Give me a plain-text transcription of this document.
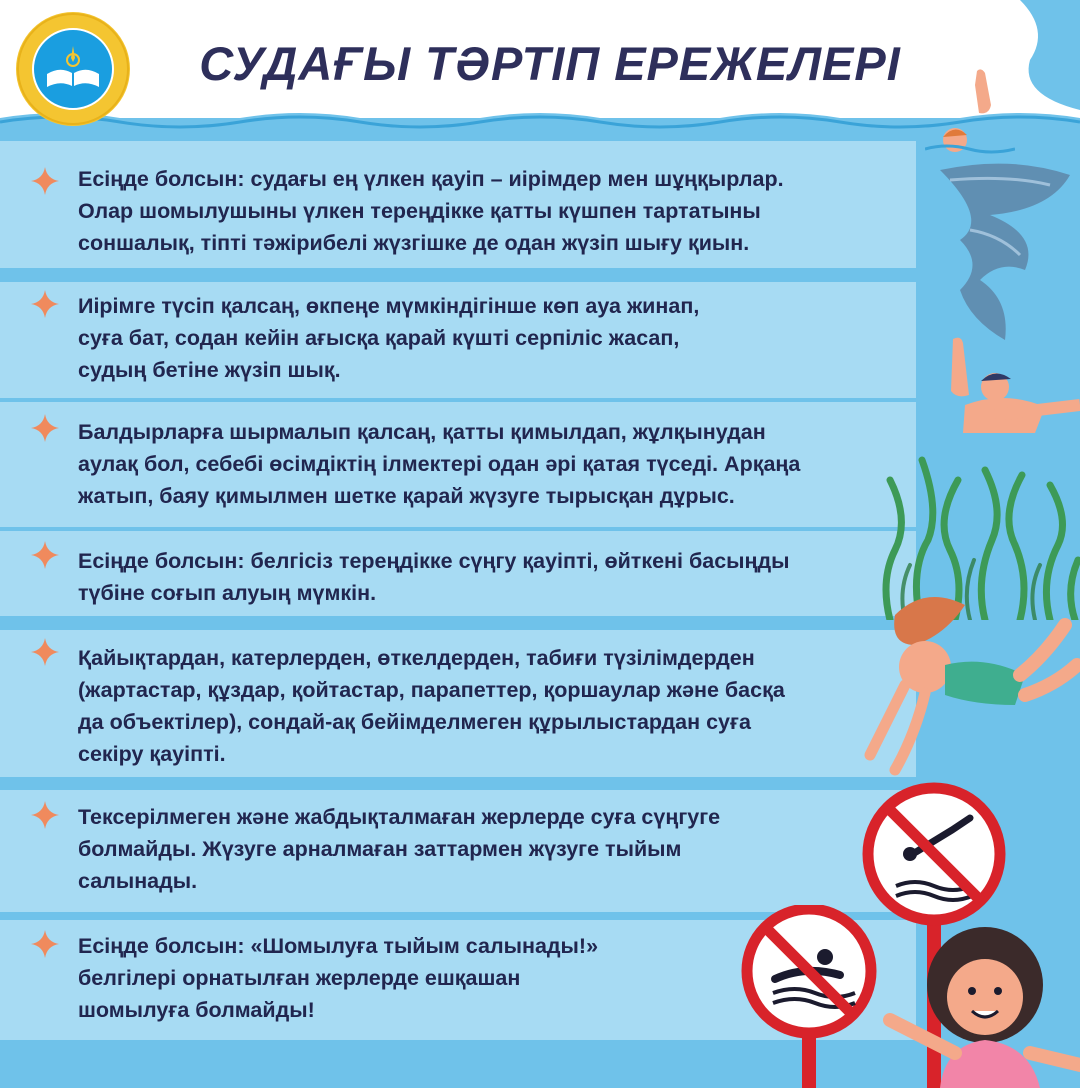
СУДАҒЫ ТӘРТІП ЕРЕЖЕЛЕРІ

Есіңде болсын: судағы ең үлкен қауіп – иірімдер мен шұңқырлар.
Олар шомылушыны үлкен тереңдікке қатты күшпен тартатыны
соншалық, тіпті тәжірибелі жүзгішке де одан жүзіп шығу қиын.

Иірімге түсіп қалсаң, өкпеңе мүмкіндігінше көп ауа жинап,
суға бат, содан кейін ағысқа қарай күшті серпіліс жасап,
судың бетіне жүзіп шық.

Балдырларға шырмалып қалсаң, қатты қимылдап, жұлқынудан
аулақ бол, себебі өсімдіктің ілмектері одан әрі қатая түседі. Арқаңа
жатып, баяу қимылмен шетке қарай жүзуге тырысқан дұрыс.

Есіңде болсын: белгісіз тереңдікке сүңгу қауіпті, өйткені басыңды
түбіне соғып алуың мүмкін.

Қайықтардан, катерлерден, өткелдерден, табиғи түзілімдерден
(жартастар, құздар, қойтастар, парапеттер, қоршаулар және басқа
да объектілер), сондай-ақ бейімделмеген құрылыстардан суға
секіру қауіпті.

Тексерілмеген және жабдықталмаған жерлерде суға сүңгуге
болмайды. Жүзуге арналмаған заттармен жүзуге тыйым
салынады.

Есіңде болсын: «Шомылуға тыйым салынады!»
белгілері орнатылған жерлерде ешқашан
шомылуға болмайды!
